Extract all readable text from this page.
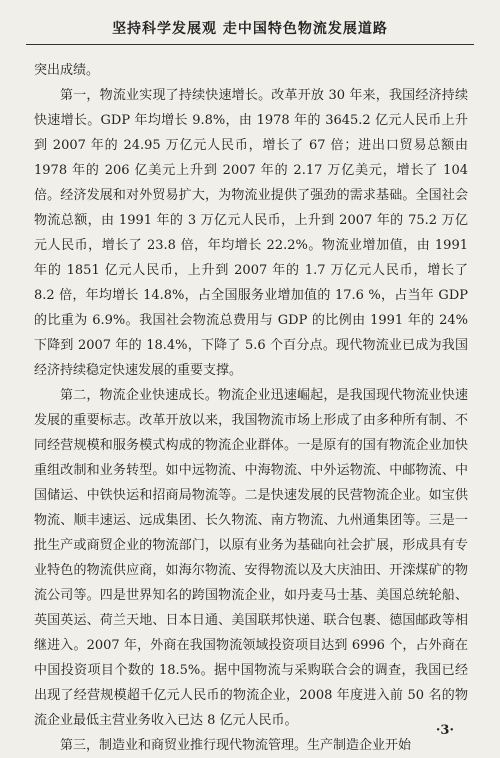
坚持科学发展观 走中国特色物流发展道路

突出成绩。

第一，物流业实现了持续快速增长。改革开放 30 年来，我国经济持续快速增长。GDP 年均增长 9.8%，由 1978 年的 3645.2 亿元人民币上升到 2007 年的 24.95 万亿元人民币，增长了 67 倍；进出口贸易总额由 1978 年的 206 亿美元上升到 2007 年的 2.17 万亿美元，增长了 104 倍。经济发展和对外贸易扩大，为物流业提供了强劲的需求基础。全国社会物流总额，由 1991 年的 3 万亿元人民币，上升到 2007 年的 75.2 万亿元人民币，增长了 23.8 倍，年均增长 22.2%。物流业增加值，由 1991 年的 1851 亿元人民币，上升到 2007 年的 1.7 万亿元人民币，增长了 8.2 倍，年均增长 14.8%，占全国服务业增加值的 17.6 %，占当年 GDP 的比重为 6.9%。我国社会物流总费用与 GDP 的比例由 1991 年的 24% 下降到 2007 年的 18.4%，下降了 5.6 个百分点。现代物流业已成为我国经济持续稳定快速发展的重要支撑。

第二，物流企业快速成长。物流企业迅速崛起，是我国现代物流业快速发展的重要标志。改革开放以来，我国物流市场上形成了由多种所有制、不同经营规模和服务模式构成的物流企业群体。一是原有的国有物流企业加快重组改制和业务转型。如中远物流、中海物流、中外运物流、中邮物流、中国储运、中铁快运和招商局物流等。二是快速发展的民营物流企业。如宝供物流、顺丰速运、远成集团、长久物流、南方物流、九州通集团等。三是一批生产或商贸企业的物流部门，以原有业务为基础向社会扩展，形成具有专业特色的物流供应商，如海尔物流、安得物流以及大庆油田、开滦煤矿的物流公司等。四是世界知名的跨国物流企业，如丹麦马士基、美国总统轮船、英国英运、荷兰天地、日本日通、美国联邦快递、联合包裹、德国邮政等相继进入。2007 年，外商在我国物流领域投资项目达到 6996 个，占外商在中国投资项目个数的 18.5%。据中国物流与采购联合会的调查，我国已经出现了经营规模超千亿元人民币的物流企业，2008 年度进入前 50 名的物流企业最低主营业务收入已达 8 亿元人民币。

第三，制造业和商贸业推行现代物流管理。生产制造企业开始

·3·
